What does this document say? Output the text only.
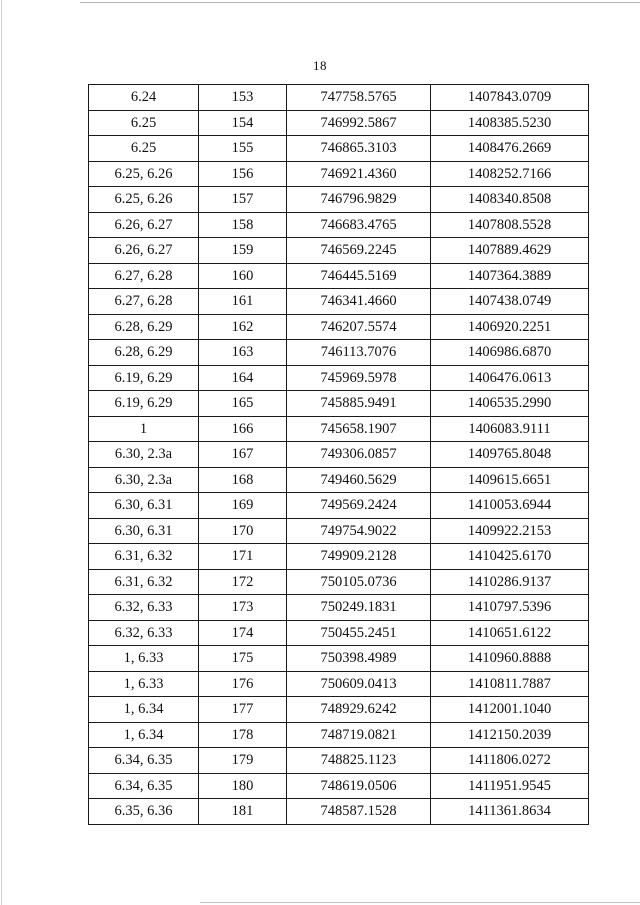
18
6.24	153	747758.5765	1407843.0709
6.25	154	746992.5867	1408385.5230
6.25	155	746865.3103	1408476.2669
6.25, 6.26	156	746921.4360	1408252.7166
6.25, 6.26	157	746796.9829	1408340.8508
6.26, 6.27	158	746683.4765	1407808.5528
6.26, 6.27	159	746569.2245	1407889.4629
6.27, 6.28	160	746445.5169	1407364.3889
6.27, 6.28	161	746341.4660	1407438.0749
6.28, 6.29	162	746207.5574	1406920.2251
6.28, 6.29	163	746113.7076	1406986.6870
6.19, 6.29	164	745969.5978	1406476.0613
6.19, 6.29	165	745885.9491	1406535.2990
1	166	745658.1907	1406083.9111
6.30, 2.3a	167	749306.0857	1409765.8048
6.30, 2.3a	168	749460.5629	1409615.6651
6.30, 6.31	169	749569.2424	1410053.6944
6.30, 6.31	170	749754.9022	1409922.2153
6.31, 6.32	171	749909.2128	1410425.6170
6.31, 6.32	172	750105.0736	1410286.9137
6.32, 6.33	173	750249.1831	1410797.5396
6.32, 6.33	174	750455.2451	1410651.6122
1, 6.33	175	750398.4989	1410960.8888
1, 6.33	176	750609.0413	1410811.7887
1, 6.34	177	748929.6242	1412001.1040
1, 6.34	178	748719.0821	1412150.2039
6.34, 6.35	179	748825.1123	1411806.0272
6.34, 6.35	180	748619.0506	1411951.9545
6.35, 6.36	181	748587.1528	1411361.8634
